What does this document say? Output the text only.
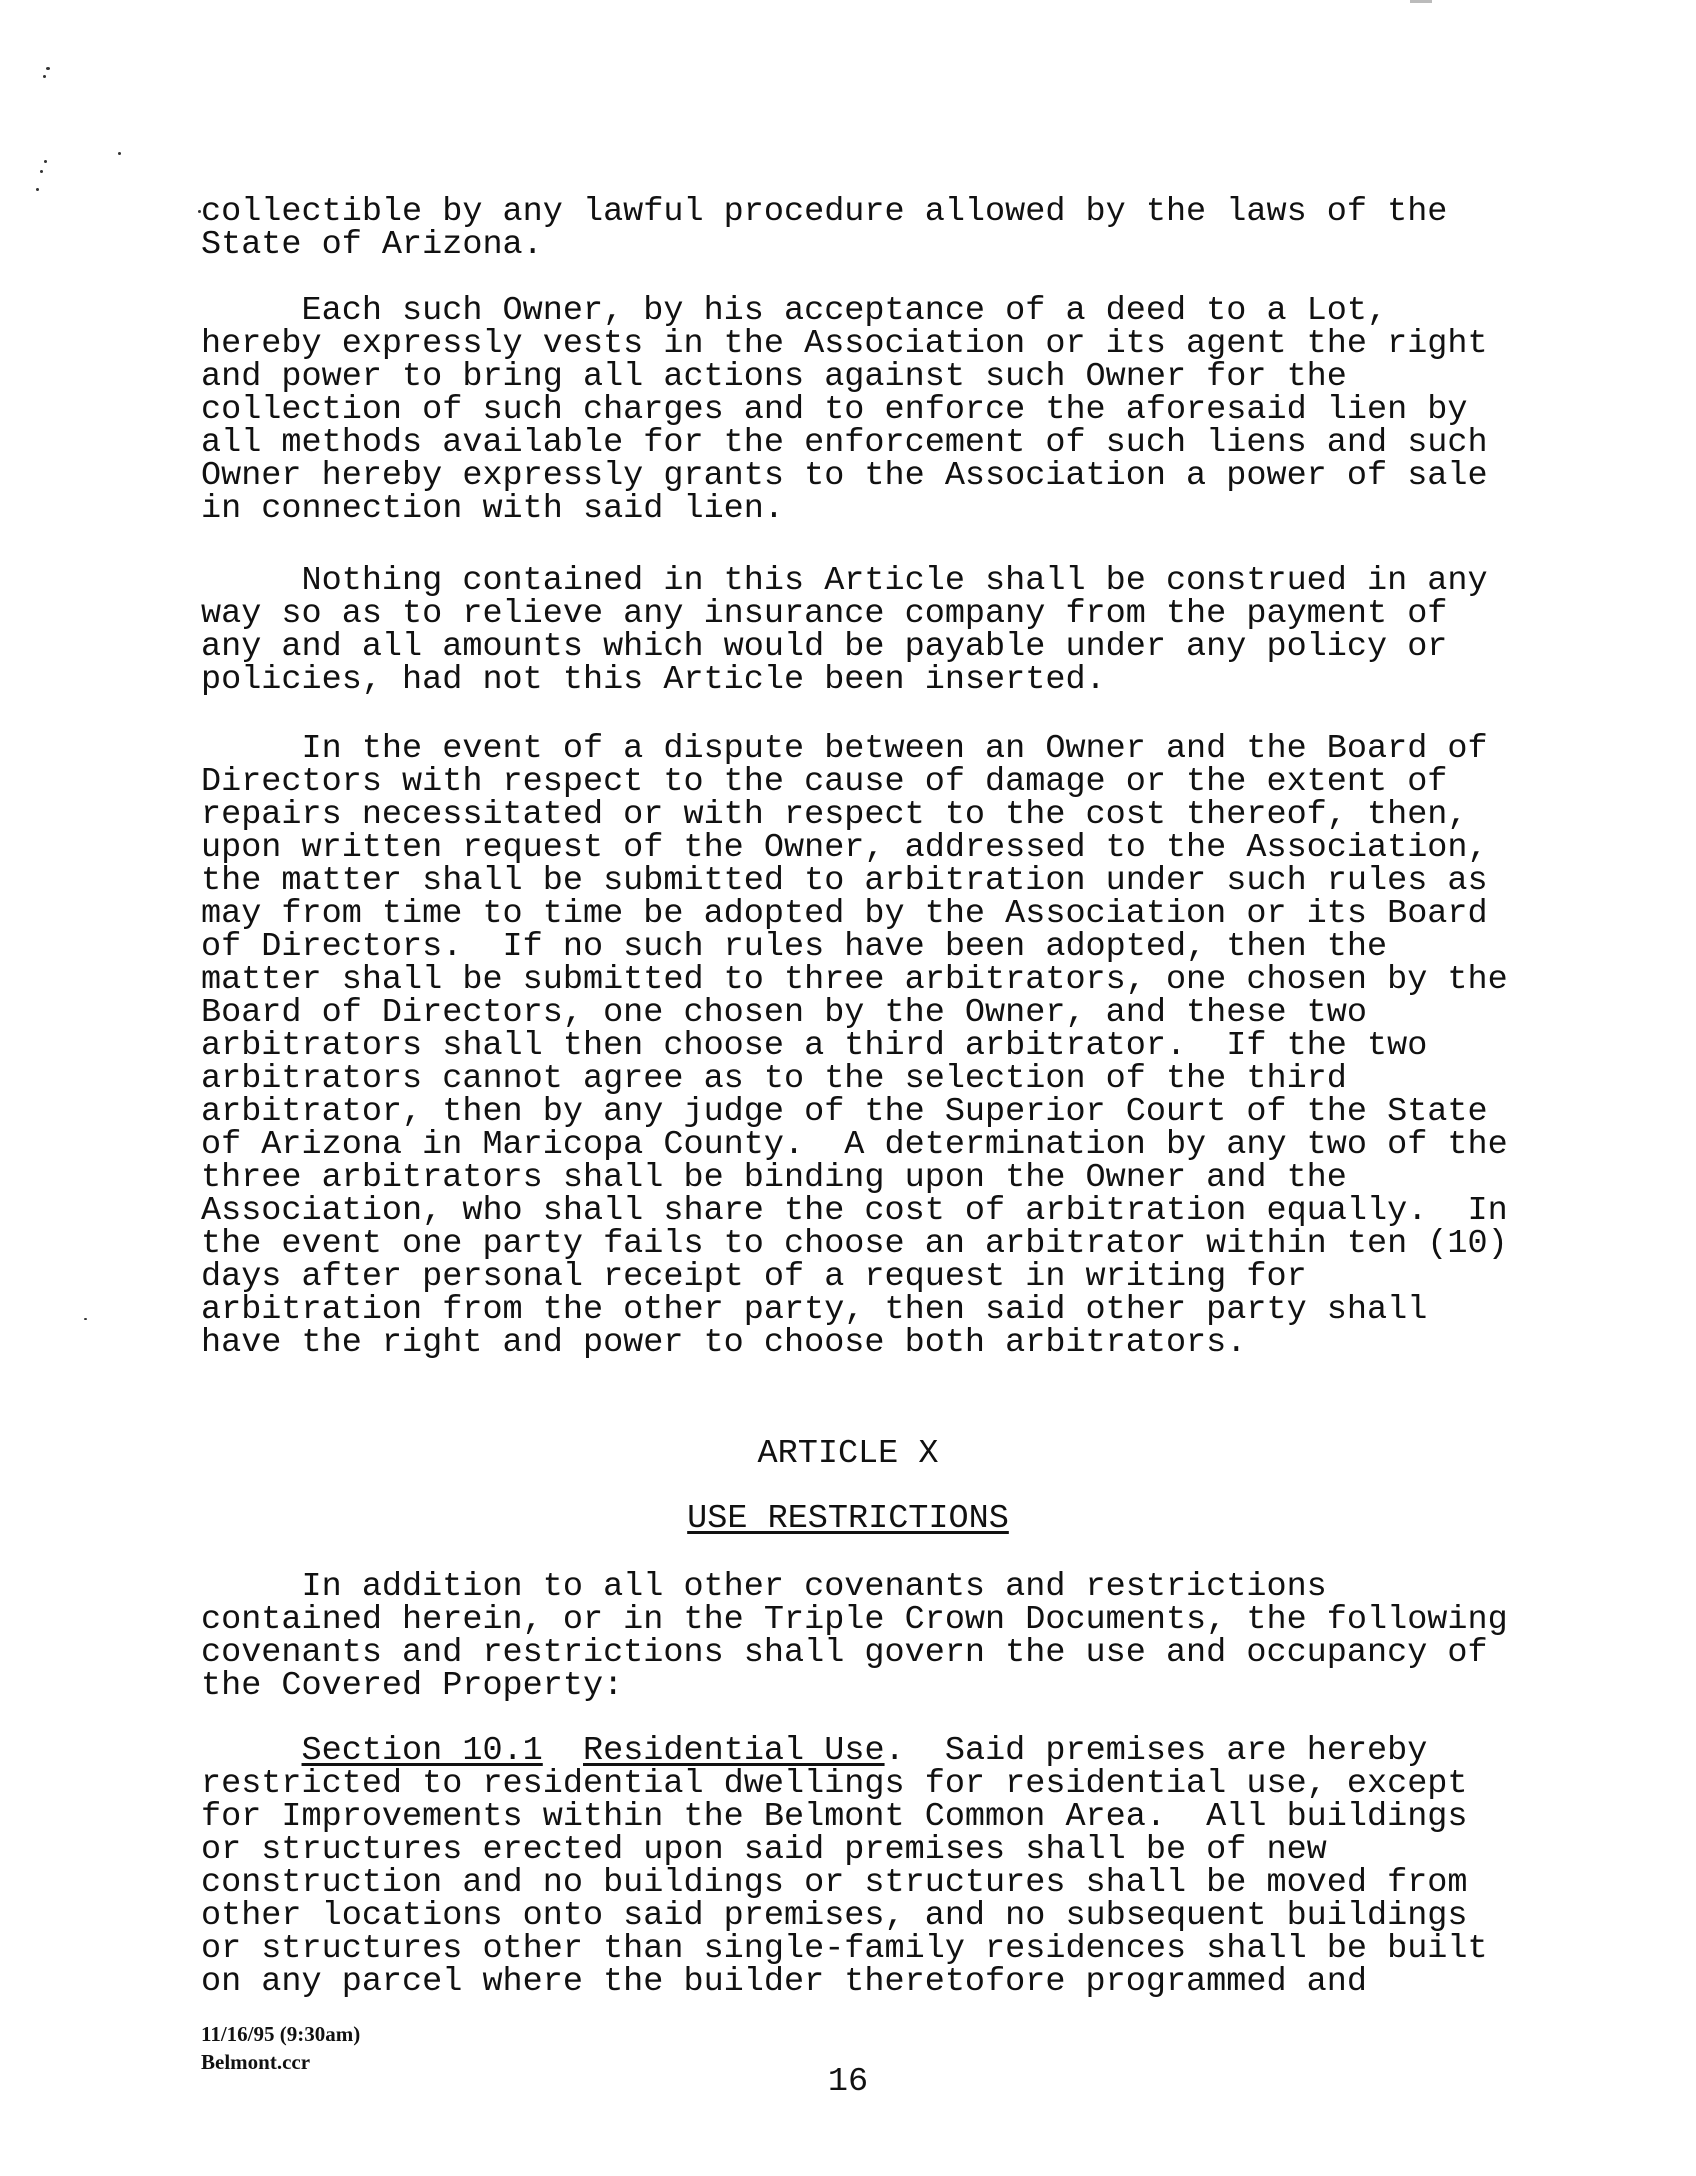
collectible by any lawful procedure allowed by the laws of the
State of Arizona.
Each such Owner, by his acceptance of a deed to a Lot,
hereby expressly vests in the Association or its agent the right
and power to bring all actions against such Owner for the
collection of such charges and to enforce the aforesaid lien by
all methods available for the enforcement of such liens and such
Owner hereby expressly grants to the Association a power of sale
in connection with said lien.
Nothing contained in this Article shall be construed in any
way so as to relieve any insurance company from the payment of
any and all amounts which would be payable under any policy or
policies, had not this Article been inserted.
In the event of a dispute between an Owner and the Board of
Directors with respect to the cause of damage or the extent of
repairs necessitated or with respect to the cost thereof, then,
upon written request of the Owner, addressed to the Association,
the matter shall be submitted to arbitration under such rules as
may from time to time be adopted by the Association or its Board
of Directors.  If no such rules have been adopted, then the
matter shall be submitted to three arbitrators, one chosen by the
Board of Directors, one chosen by the Owner, and these two
arbitrators shall then choose a third arbitrator.  If the two
arbitrators cannot agree as to the selection of the third
arbitrator, then by any judge of the Superior Court of the State
of Arizona in Maricopa County.  A determination by any two of the
three arbitrators shall be binding upon the Owner and the
Association, who shall share the cost of arbitration equally.  In
the event one party fails to choose an arbitrator within ten (10)
days after personal receipt of a request in writing for
arbitration from the other party, then said other party shall
have the right and power to choose both arbitrators.

ARTICLE X

USE RESTRICTIONS

In addition to all other covenants and restrictions
contained herein, or in the Triple Crown Documents, the following
covenants and restrictions shall govern the use and occupancy of
the Covered Property:
Section 10.1 Residential Use.  Said premises are hereby
restricted to residential dwellings for residential use, except
for Improvements within the Belmont Common Area.  All buildings
or structures erected upon said premises shall be of new
construction and no buildings or structures shall be moved from
other locations onto said premises, and no subsequent buildings
or structures other than single-family residences shall be built
on any parcel where the builder theretofore programmed and
11/16/95 (9:30am)
Belmont.ccr

16
